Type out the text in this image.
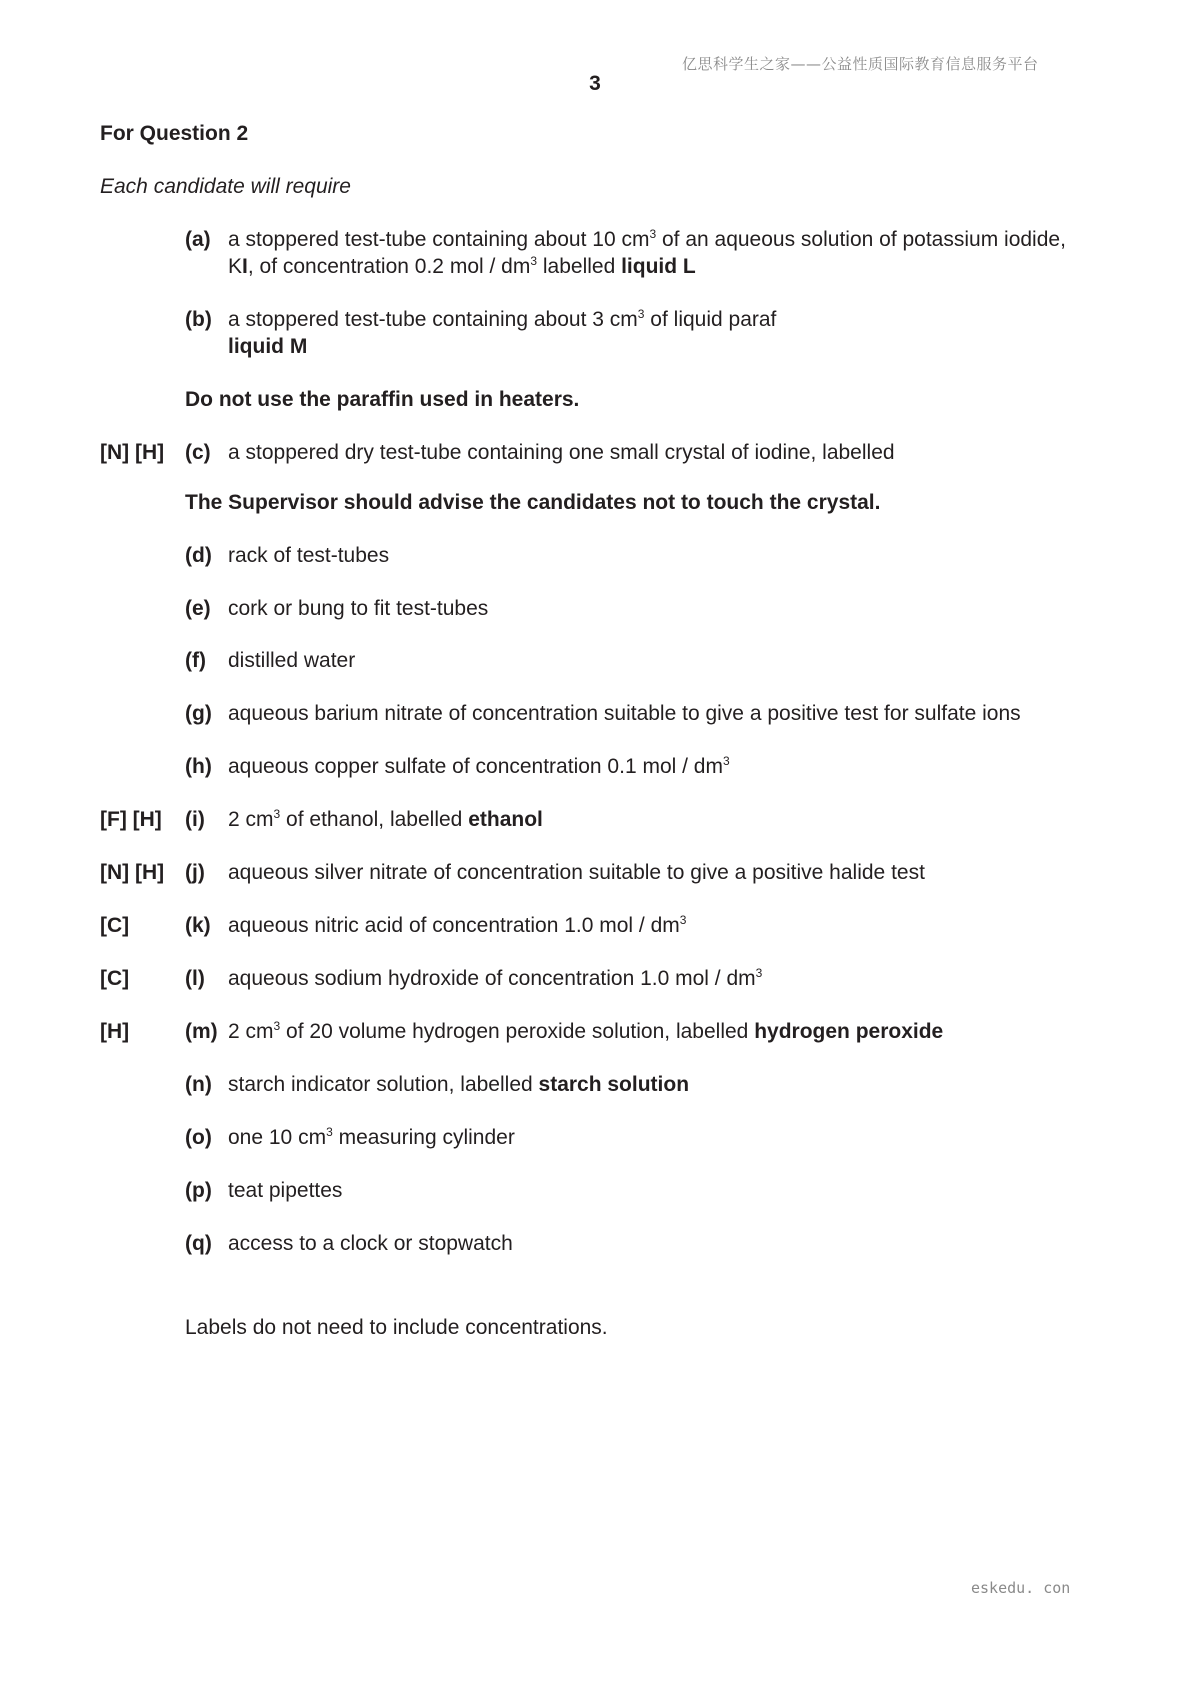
亿思科学生之家——公益性质国际教育信息服务平台
3
For Question 2
Each candidate will require
(a) a stoppered test-tube containing about 10 $cm^3$ of an aqueous solution of potassium iodide,
KI, of concentration 0.2 mol / $dm^3$ labelled liquid L
(b) a stoppered test-tube containing about 3 $cm^3$ of liquid paraf
liquid M
Do not use the paraffin used in heaters.
[N] [H] (c) a stoppered dry test-tube containing one small crystal of iodine, labelled
The Supervisor should advise the candidates not to touch the crystal.
(d) rack of test-tubes
(e) cork or bung to fit test-tubes
(f) distilled water
(g) aqueous barium nitrate of concentration suitable to give a positive test for sulfate ions
(h) aqueous copper sulfate of concentration 0.1 mol / $dm^3$
[F] [H] (i) 2 $cm^3$ of ethanol, labelled ethanol
[N] [H] (j) aqueous silver nitrate of concentration suitable to give a positive halide test
[C]	(k) aqueous nitric acid of concentration 1.0 mol / $dm^3$
[C]	(l) aqueous sodium hydroxide of concentration 1.0 mol / $dm^3$
[H]	(m) 2 $cm^3$ of 20 volume hydrogen peroxide solution, labelled hydrogen peroxide
(n) starch indicator solution, labelled starch solution
(o) one 10 $cm^3$ measuring cylinder
(p) teat pipettes
(q) access to a clock or stopwatch
Labels do not need to include concentrations.
eskedu. con
